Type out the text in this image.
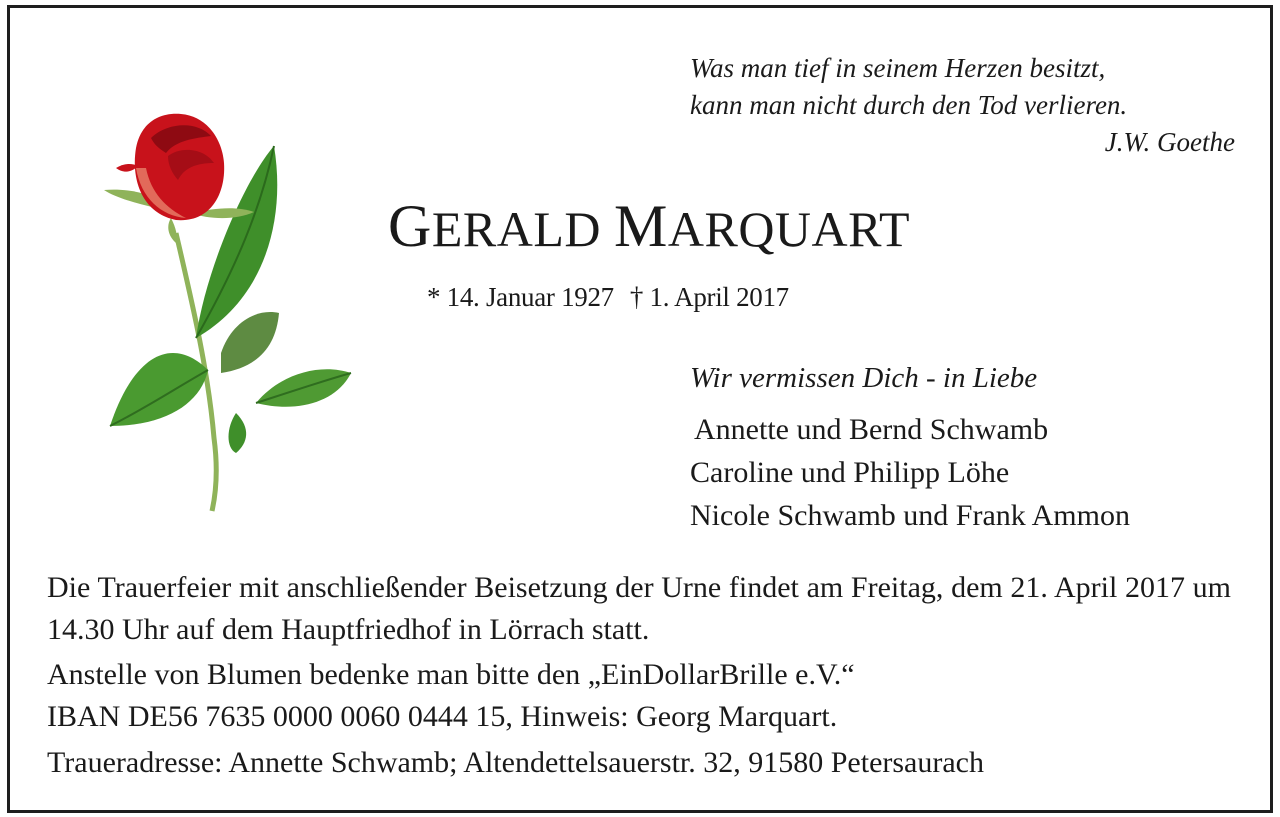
Was man tief in seinem Herzen besitzt,
kann man nicht durch den Tod verlieren.
J.W. Goethe
GERALD MARQUART
* 14. Januar 1927 † 1. April 2017
Wir vermissen Dich - in Liebe
Annette und Bernd Schwamb
Caroline und Philipp Löhe
Nicole Schwamb und Frank Ammon

Die Trauerfeier mit anschließender Beisetzung der Urne findet am Freitag, dem 21. April 2017 um 14.30 Uhr auf dem Hauptfriedhof in Lörrach statt.

Anstelle von Blumen bedenke man bitte den „EinDollarBrille e.V.“
IBAN DE56 7635 0000 0060 0444 15, Hinweis: Georg Marquart.

Traueradresse: Annette Schwamb; Altendettelsauerstr. 32, 91580 Petersaurach
